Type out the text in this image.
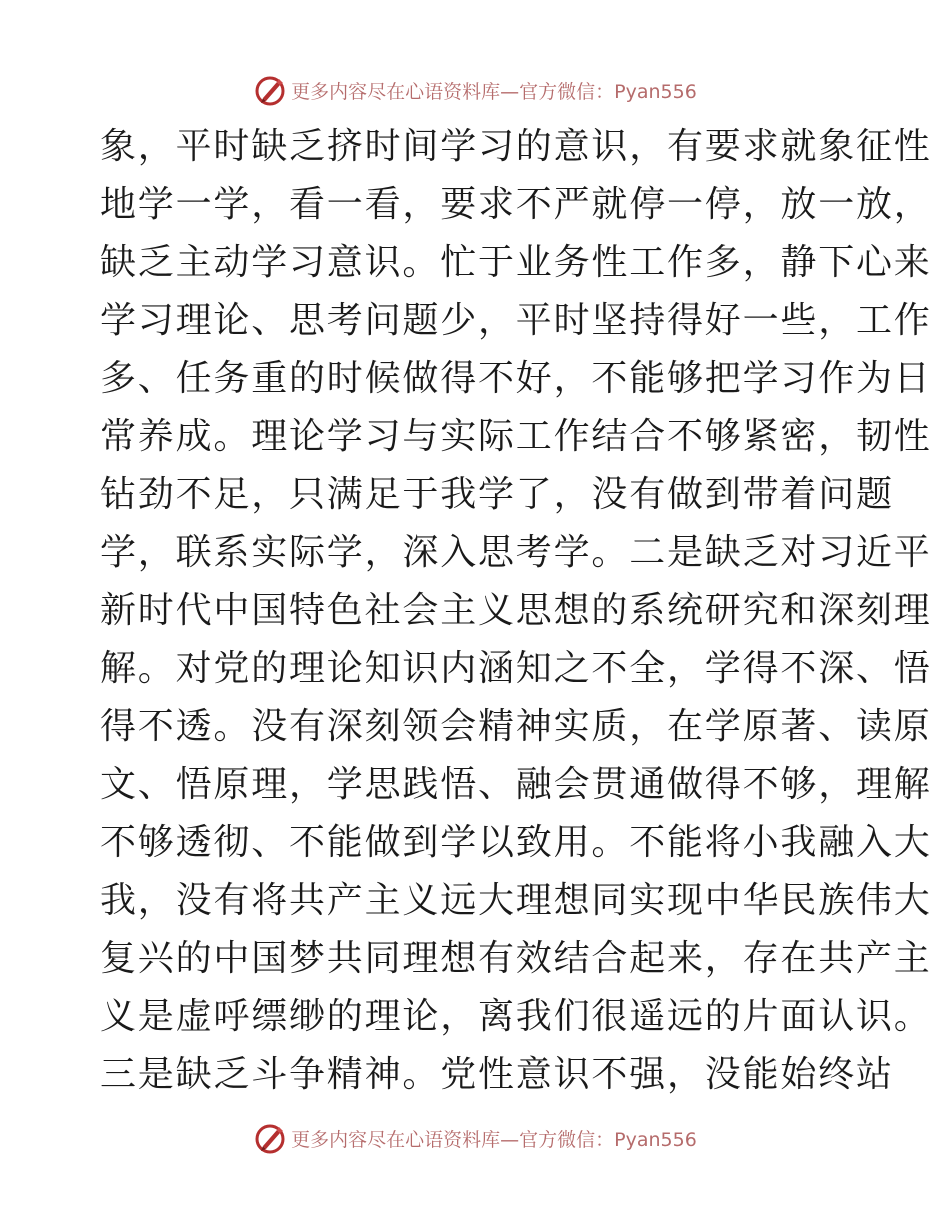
更多内容尽在心语资料库—官方微信：Pyan556
象，平时缺乏挤时间学习的意识，有要求就象征性
地学一学，看一看，要求不严就停一停，放一放，
缺乏主动学习意识。忙于业务性工作多，静下心来
学习理论、思考问题少，平时坚持得好一些，工作
多、任务重的时候做得不好，不能够把学习作为日
常养成。理论学习与实际工作结合不够紧密，韧性
钻劲不足，只满足于我学了，没有做到带着问题
学，联系实际学，深入思考学。二是缺乏对习近平
新时代中国特色社会主义思想的系统研究和深刻理
解。对党的理论知识内涵知之不全，学得不深、悟
得不透。没有深刻领会精神实质，在学原著、读原
文、悟原理，学思践悟、融会贯通做得不够，理解
不够透彻、不能做到学以致用。不能将小我融入大
我，没有将共产主义远大理想同实现中华民族伟大
复兴的中国梦共同理想有效结合起来，存在共产主
义是虚呼缥缈的理论，离我们很遥远的片面认识。
三是缺乏斗争精神。党性意识不强，没能始终站
更多内容尽在心语资料库—官方微信：Pyan556
